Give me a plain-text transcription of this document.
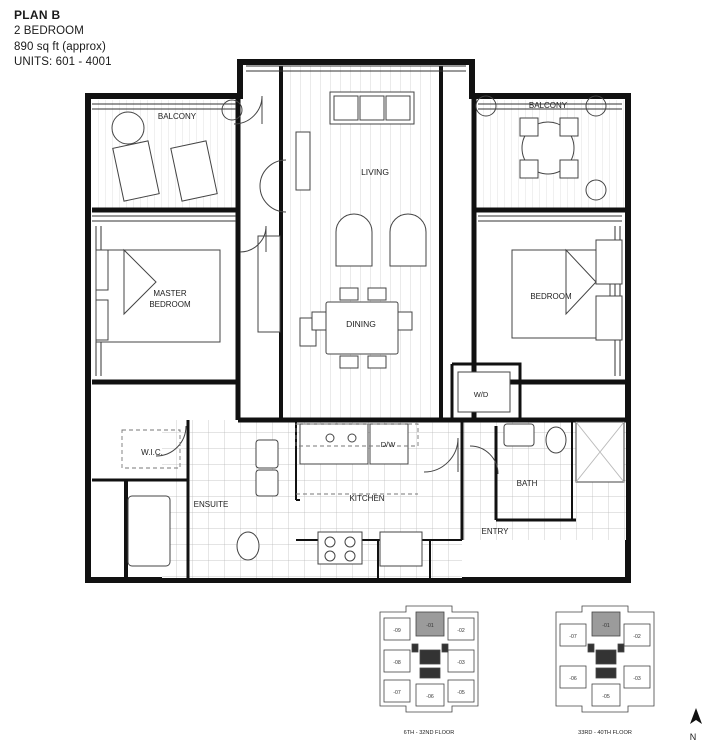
PLAN B
2 BEDROOM
890 sq ft (approx)
UNITS: 601 - 4001
BALCONY
BALCONY
LIVING
DINING
MASTER
BEDROOM
BEDROOM
W.I.C.
ENSUITE
KITCHEN
BATH
ENTRY
W/D
D/W
-09
-01
-02
-08	-03
-07
-06
-05
6TH - 32ND FLOOR
-07
-01
-02
-06	-03
-05
33RD - 40TH FLOOR	N
